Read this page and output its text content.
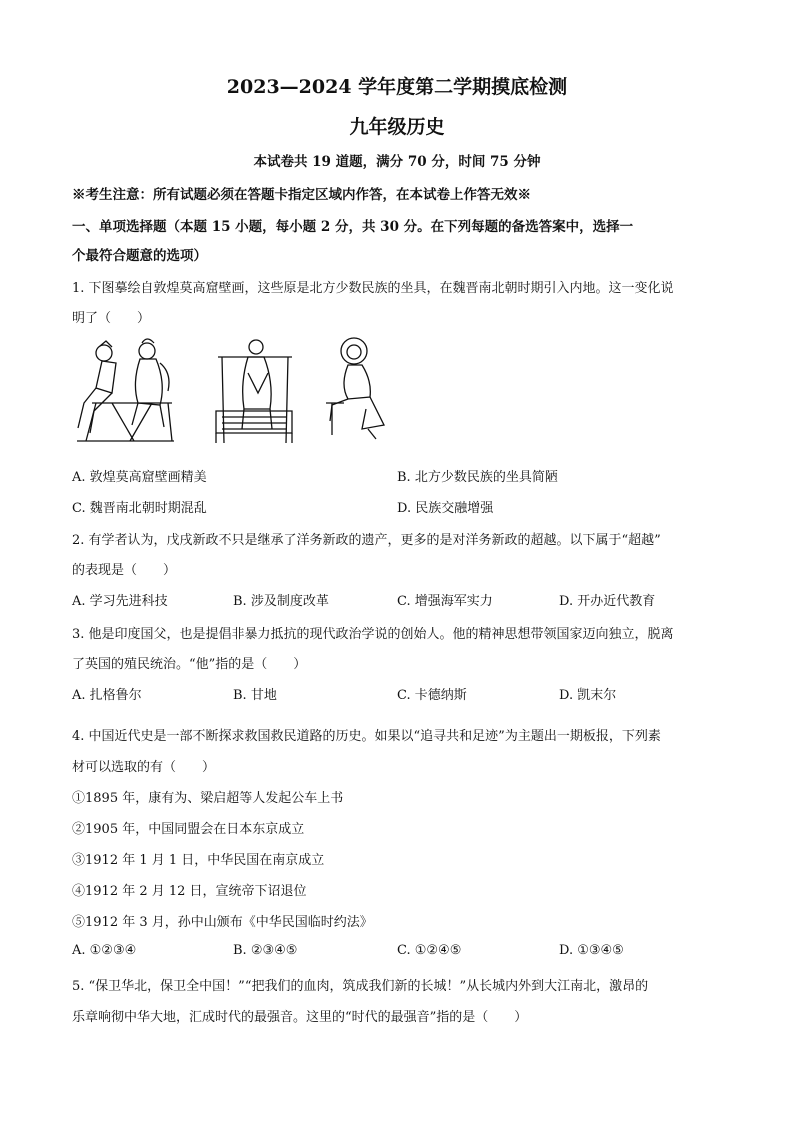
2023—2024 学年度第二学期摸底检测
九年级历史
本试卷共 19 道题，满分 70 分，时间 75 分钟
※考生注意：所有试题必须在答题卡指定区域内作答，在本试卷上作答无效※
一、单项选择题（本题 15 小题，每小题 2 分，共 30 分。在下列每题的备选答案中，选择一
个最符合题意的选项）
1. 下图摹绘自敦煌莫高窟壁画，这些原是北方少数民族的坐具，在魏晋南北朝时期引入内地。这一变化说
明了（　　）
A. 敦煌莫高窟壁画精美	B. 北方少数民族的坐具简陋
C. 魏晋南北朝时期混乱	D. 民族交融增强
2. 有学者认为，戊戌新政不只是继承了洋务新政的遗产，更多的是对洋务新政的超越。以下属于“超越”
的表现是（　　）
A. 学习先进科技	B. 涉及制度改革	C. 增强海军实力	D. 开办近代教育
3. 他是印度国父，也是提倡非暴力抵抗的现代政治学说的创始人。他的精神思想带领国家迈向独立，脱离
了英国的殖民统治。“他”指的是（　　）
A. 扎格鲁尔	B. 甘地	C. 卡德纳斯	D. 凯末尔
4. 中国近代史是一部不断探求救国救民道路的历史。如果以“追寻共和足迹”为主题出一期板报，下列素
材可以选取的有（　　）
①1895 年，康有为、梁启超等人发起公车上书
②1905 年，中国同盟会在日本东京成立
③1912 年 1 月 1 日，中华民国在南京成立
④1912 年 2 月 12 日，宣统帝下诏退位
⑤1912 年 3 月，孙中山颁布《中华民国临时约法》
A. ①②③④	B. ②③④⑤	C. ①②④⑤	D. ①③④⑤
5. “保卫华北，保卫全中国！”“把我们的血肉，筑成我们新的长城！”从长城内外到大江南北，激昂的
乐章响彻中华大地，汇成时代的最强音。这里的“时代的最强音”指的是（　　）
